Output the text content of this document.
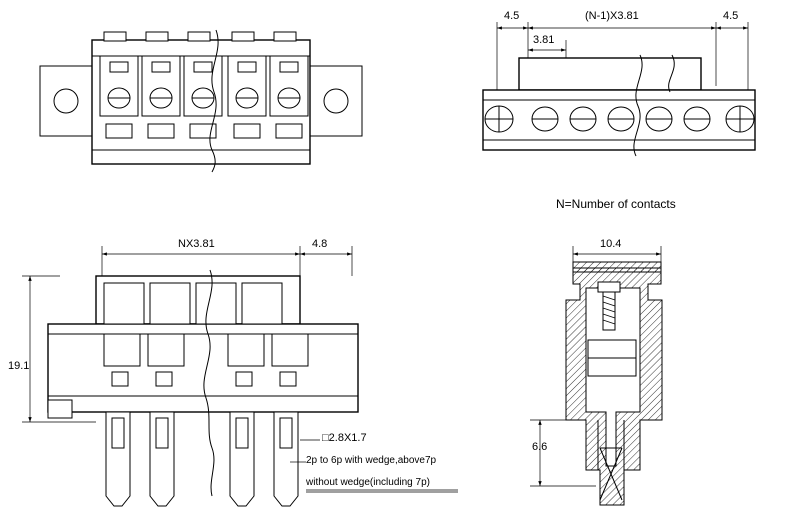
4.5	(N-1)X3.81	4.5
3.81
N=Number of contacts
NX3.81	4.8
19.1
□2.8X1.7
2p to 6p with wedge,above7p
without wedge(including 7p)
10.4
6.6
